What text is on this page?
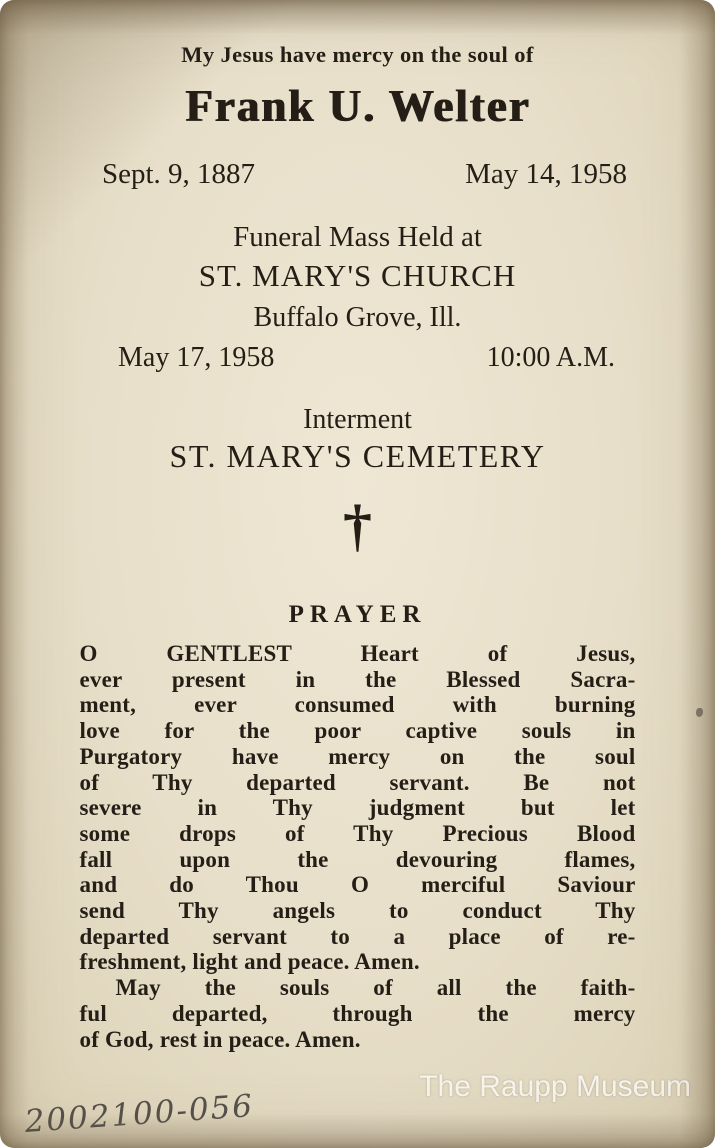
My Jesus have mercy on the soul of
Frank U. Welter
Sept. 9, 1887	May 14, 1958
Funeral Mass Held at
ST. MARY'S CHURCH
Buffalo Grove, Ill.
May 17, 1958	10:00 A.M.
Interment
ST. MARY'S CEMETERY
†
PRAYER
O GENTLEST Heart of Jesus,
ever present in the Blessed Sacra-
ment, ever consumed with burning
love for the poor captive souls in
Purgatory have mercy on the soul
of Thy departed servant. Be not
severe in Thy judgment but let
some drops of Thy Precious Blood
fall upon the devouring flames,
and do Thou O merciful Saviour
send Thy angels to conduct Thy
departed servant to a place of re-
freshment, light and peace. Amen.
May the souls of all the faith-
ful departed, through the mercy
of God, rest in peace. Amen.
The Raupp Museum
2002100-056
